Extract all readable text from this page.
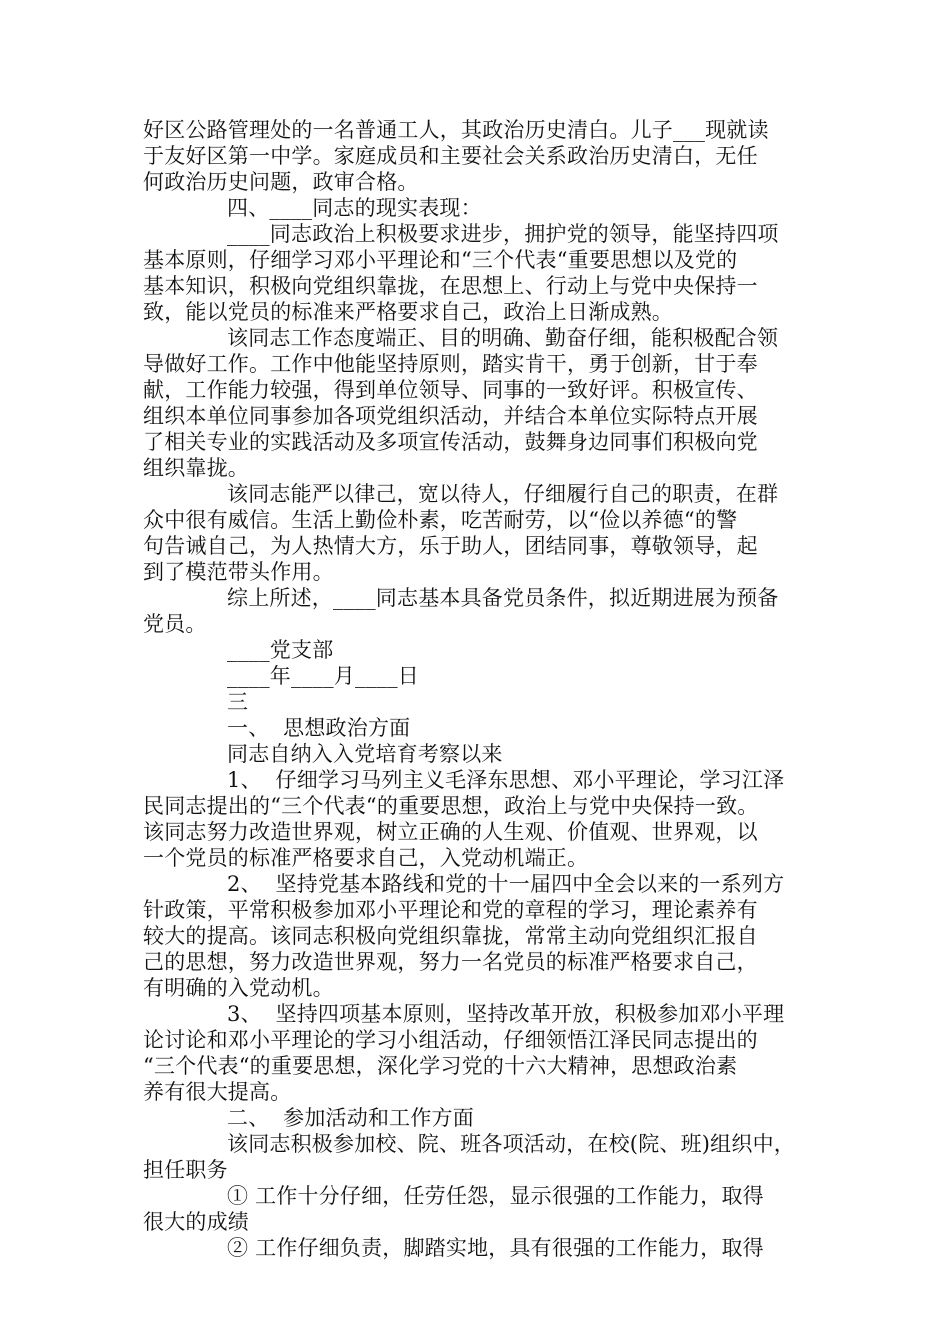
好区公路管理处的一名普通工人，其政治历史清白。儿子___现就读
于友好区第一中学。家庭成员和主要社会关系政治历史清白，无任
何政治历史问题，政审合格。
四、____同志的现实表现：
____同志政治上积极要求进步，拥护党的领导，能坚持四项
基本原则，仔细学习邓小平理论和“三个代表“重要思想以及党的
基本知识，积极向党组织靠拢，在思想上、行动上与党中央保持一
致，能以党员的标准来严格要求自己，政治上日渐成熟。
该同志工作态度端正、目的明确、勤奋仔细，能积极配合领
导做好工作。工作中他能坚持原则，踏实肯干，勇于创新，甘于奉
献，工作能力较强，得到单位领导、同事的一致好评。积极宣传、
组织本单位同事参加各项党组织活动，并结合本单位实际特点开展
了相关专业的实践活动及多项宣传活动，鼓舞身边同事们积极向党
组织靠拢。
该同志能严以律己，宽以待人，仔细履行自己的职责，在群
众中很有威信。生活上勤俭朴素，吃苦耐劳，以“俭以养德“的警
句告诫自己，为人热情大方，乐于助人，团结同事，尊敬领导，起
到了模范带头作用。
综上所述，____同志基本具备党员条件，拟近期进展为预备
党员。
____党支部
____年____月____日
三
一、  思想政治方面
同志自纳入入党培育考察以来
1、  仔细学习马列主义毛泽东思想、邓小平理论，学习江泽
民同志提出的“三个代表“的重要思想，政治上与党中央保持一致。
该同志努力改造世界观，树立正确的人生观、价值观、世界观，以
一个党员的标准严格要求自己，入党动机端正。
2、  坚持党基本路线和党的十一届四中全会以来的一系列方
针政策，平常积极参加邓小平理论和党的章程的学习，理论素养有
较大的提高。该同志积极向党组织靠拢，常常主动向党组织汇报自
己的思想，努力改造世界观，努力一名党员的标准严格要求自己，
有明确的入党动机。
3、  坚持四项基本原则，坚持改革开放，积极参加邓小平理
论讨论和邓小平理论的学习小组活动，仔细领悟江泽民同志提出的
“三个代表“的重要思想，深化学习党的十六大精神，思想政治素
养有很大提高。
二、  参加活动和工作方面
该同志积极参加校、院、班各项活动，在校(院、班)组织中，
担任职务
① 工作十分仔细，任劳任怨，显示很强的工作能力，取得
很大的成绩
② 工作仔细负责，脚踏实地，具有很强的工作能力，取得
